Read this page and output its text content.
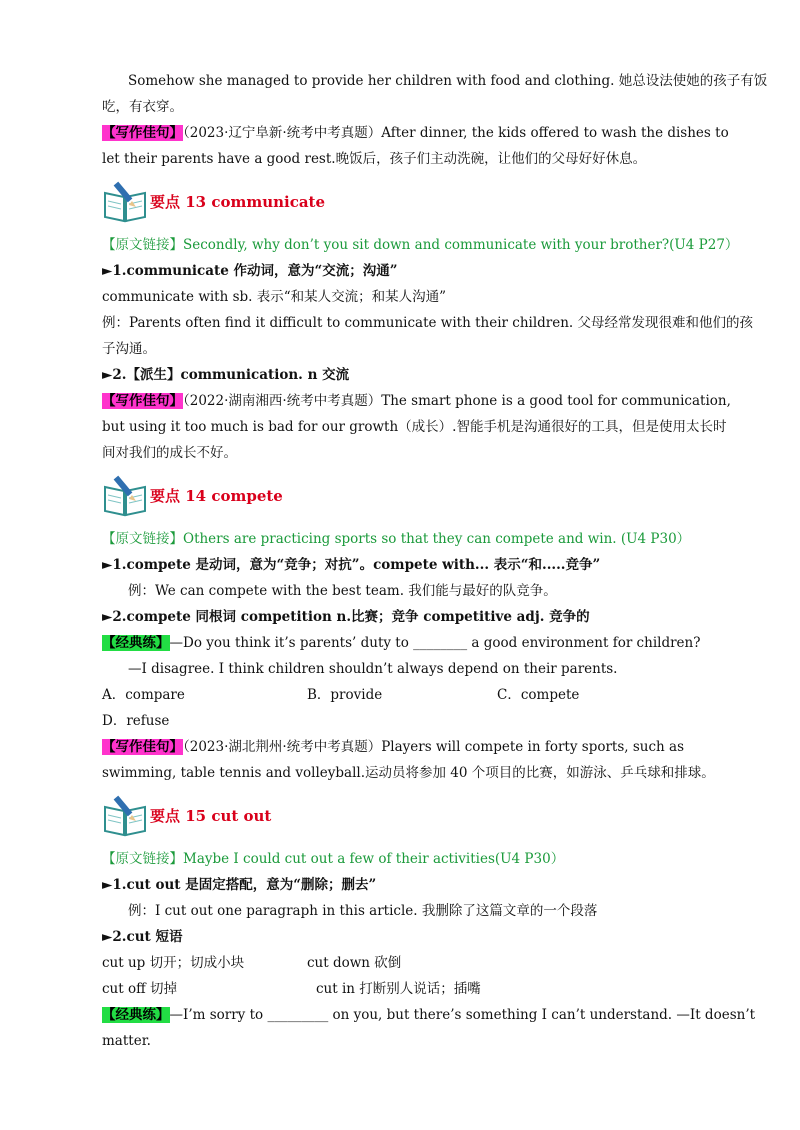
Somehow she managed to provide her children with food and clothing. 她总设法使她的孩子有饭
吃，有衣穿。
【写作佳句】（2023·辽宁阜新·统考中考真题）After dinner, the kids offered to wash the dishes to
let their parents have a good rest.晚饭后，孩子们主动洗碗，让他们的父母好好休息。
要点 13 communicate
【原文链接】Secondly, why don’t you sit down and communicate with your brother?(U4 P27）
►1.communicate 作动词，意为“交流；沟通”
communicate with sb. 表示“和某人交流；和某人沟通”
例：Parents often find it difficult to communicate with their children. 父母经常发现很难和他们的孩
子沟通。
►2.【派生】communication. n 交流
【写作佳句】（2022·湖南湘西·统考中考真题）The smart phone is a good tool for communication,
but using it too much is bad for our growth（成长）.智能手机是沟通很好的工具，但是使用太长时
间对我们的成长不好。
要点 14 compete
【原文链接】Others are practicing sports so that they can compete and win. (U4 P30）
►1.compete 是动词，意为“竞争；对抗”。compete with... 表示“和.....竞争”
例：We can compete with the best team. 我们能与最好的队竞争。
►2.compete 同根词 competition n.比赛；竞争 competitive adj. 竞争的
【经典练】—Do you think it’s parents’ duty to ________ a good environment for children?
—I disagree. I think children shouldn’t always depend on their parents.
A．compare	B．provide	C．compete
D．refuse
【写作佳句】（2023·湖北荆州·统考中考真题）Players will compete in forty sports, such as
swimming, table tennis and volleyball.运动员将参加 40 个项目的比赛，如游泳、乒乓球和排球。
要点 15 cut out
【原文链接】Maybe I could cut out a few of their activities(U4 P30）
►1.cut out 是固定搭配，意为“删除；删去”
例：I cut out one paragraph in this article. 我删除了这篇文章的一个段落
►2.cut 短语
cut up 切开；切成小块	cut down 砍倒
cut off 切掉	cut in 打断别人说话；插嘴
【经典练】—I’m sorry to _________ on you, but there’s something I can’t understand. —It doesn’t
matter.
